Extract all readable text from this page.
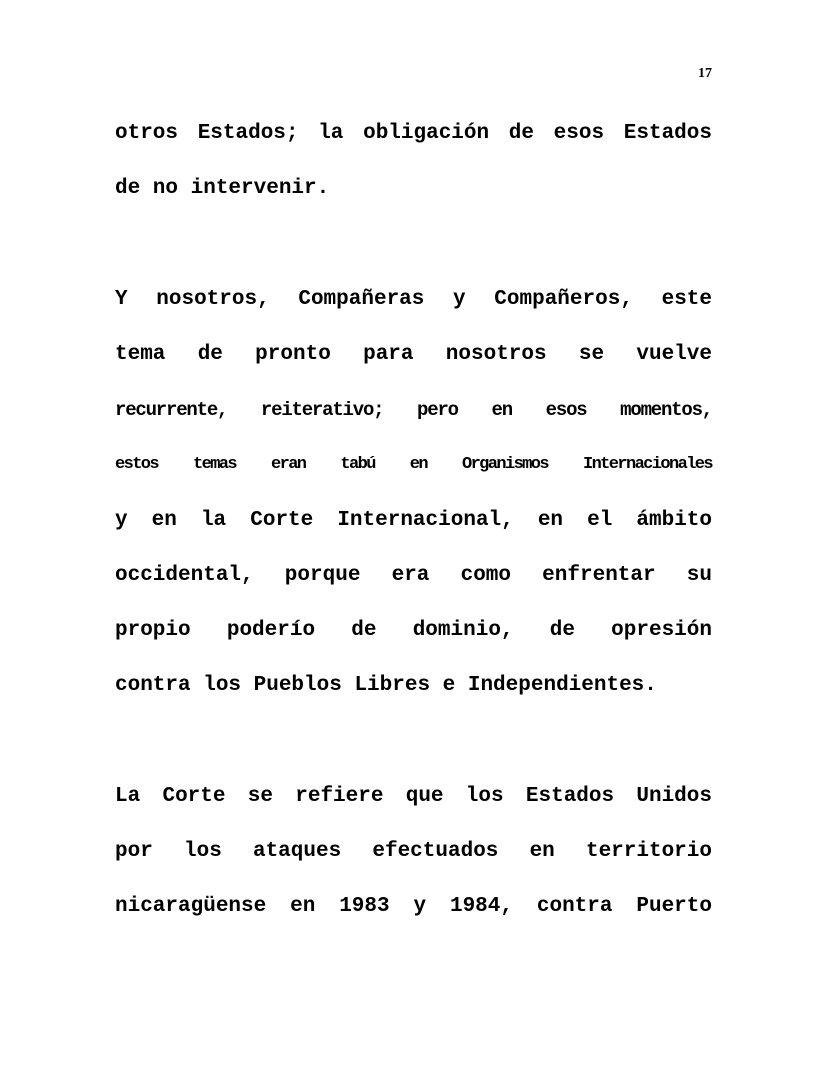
17
otros Estados; la obligación de esos Estados
de no intervenir.
Y nosotros, Compañeras y Compañeros, este
tema de pronto para nosotros se vuelve
recurrente, reiterativo; pero en esos momentos,
estos temas eran tabú en Organismos Internacionales
y en la Corte Internacional, en el ámbito
occidental, porque era como enfrentar su
propio poderío de dominio, de opresión
contra los Pueblos Libres e Independientes.
La Corte se refiere que los Estados Unidos
por los ataques efectuados en territorio
nicaragüense en 1983 y 1984, contra Puerto
